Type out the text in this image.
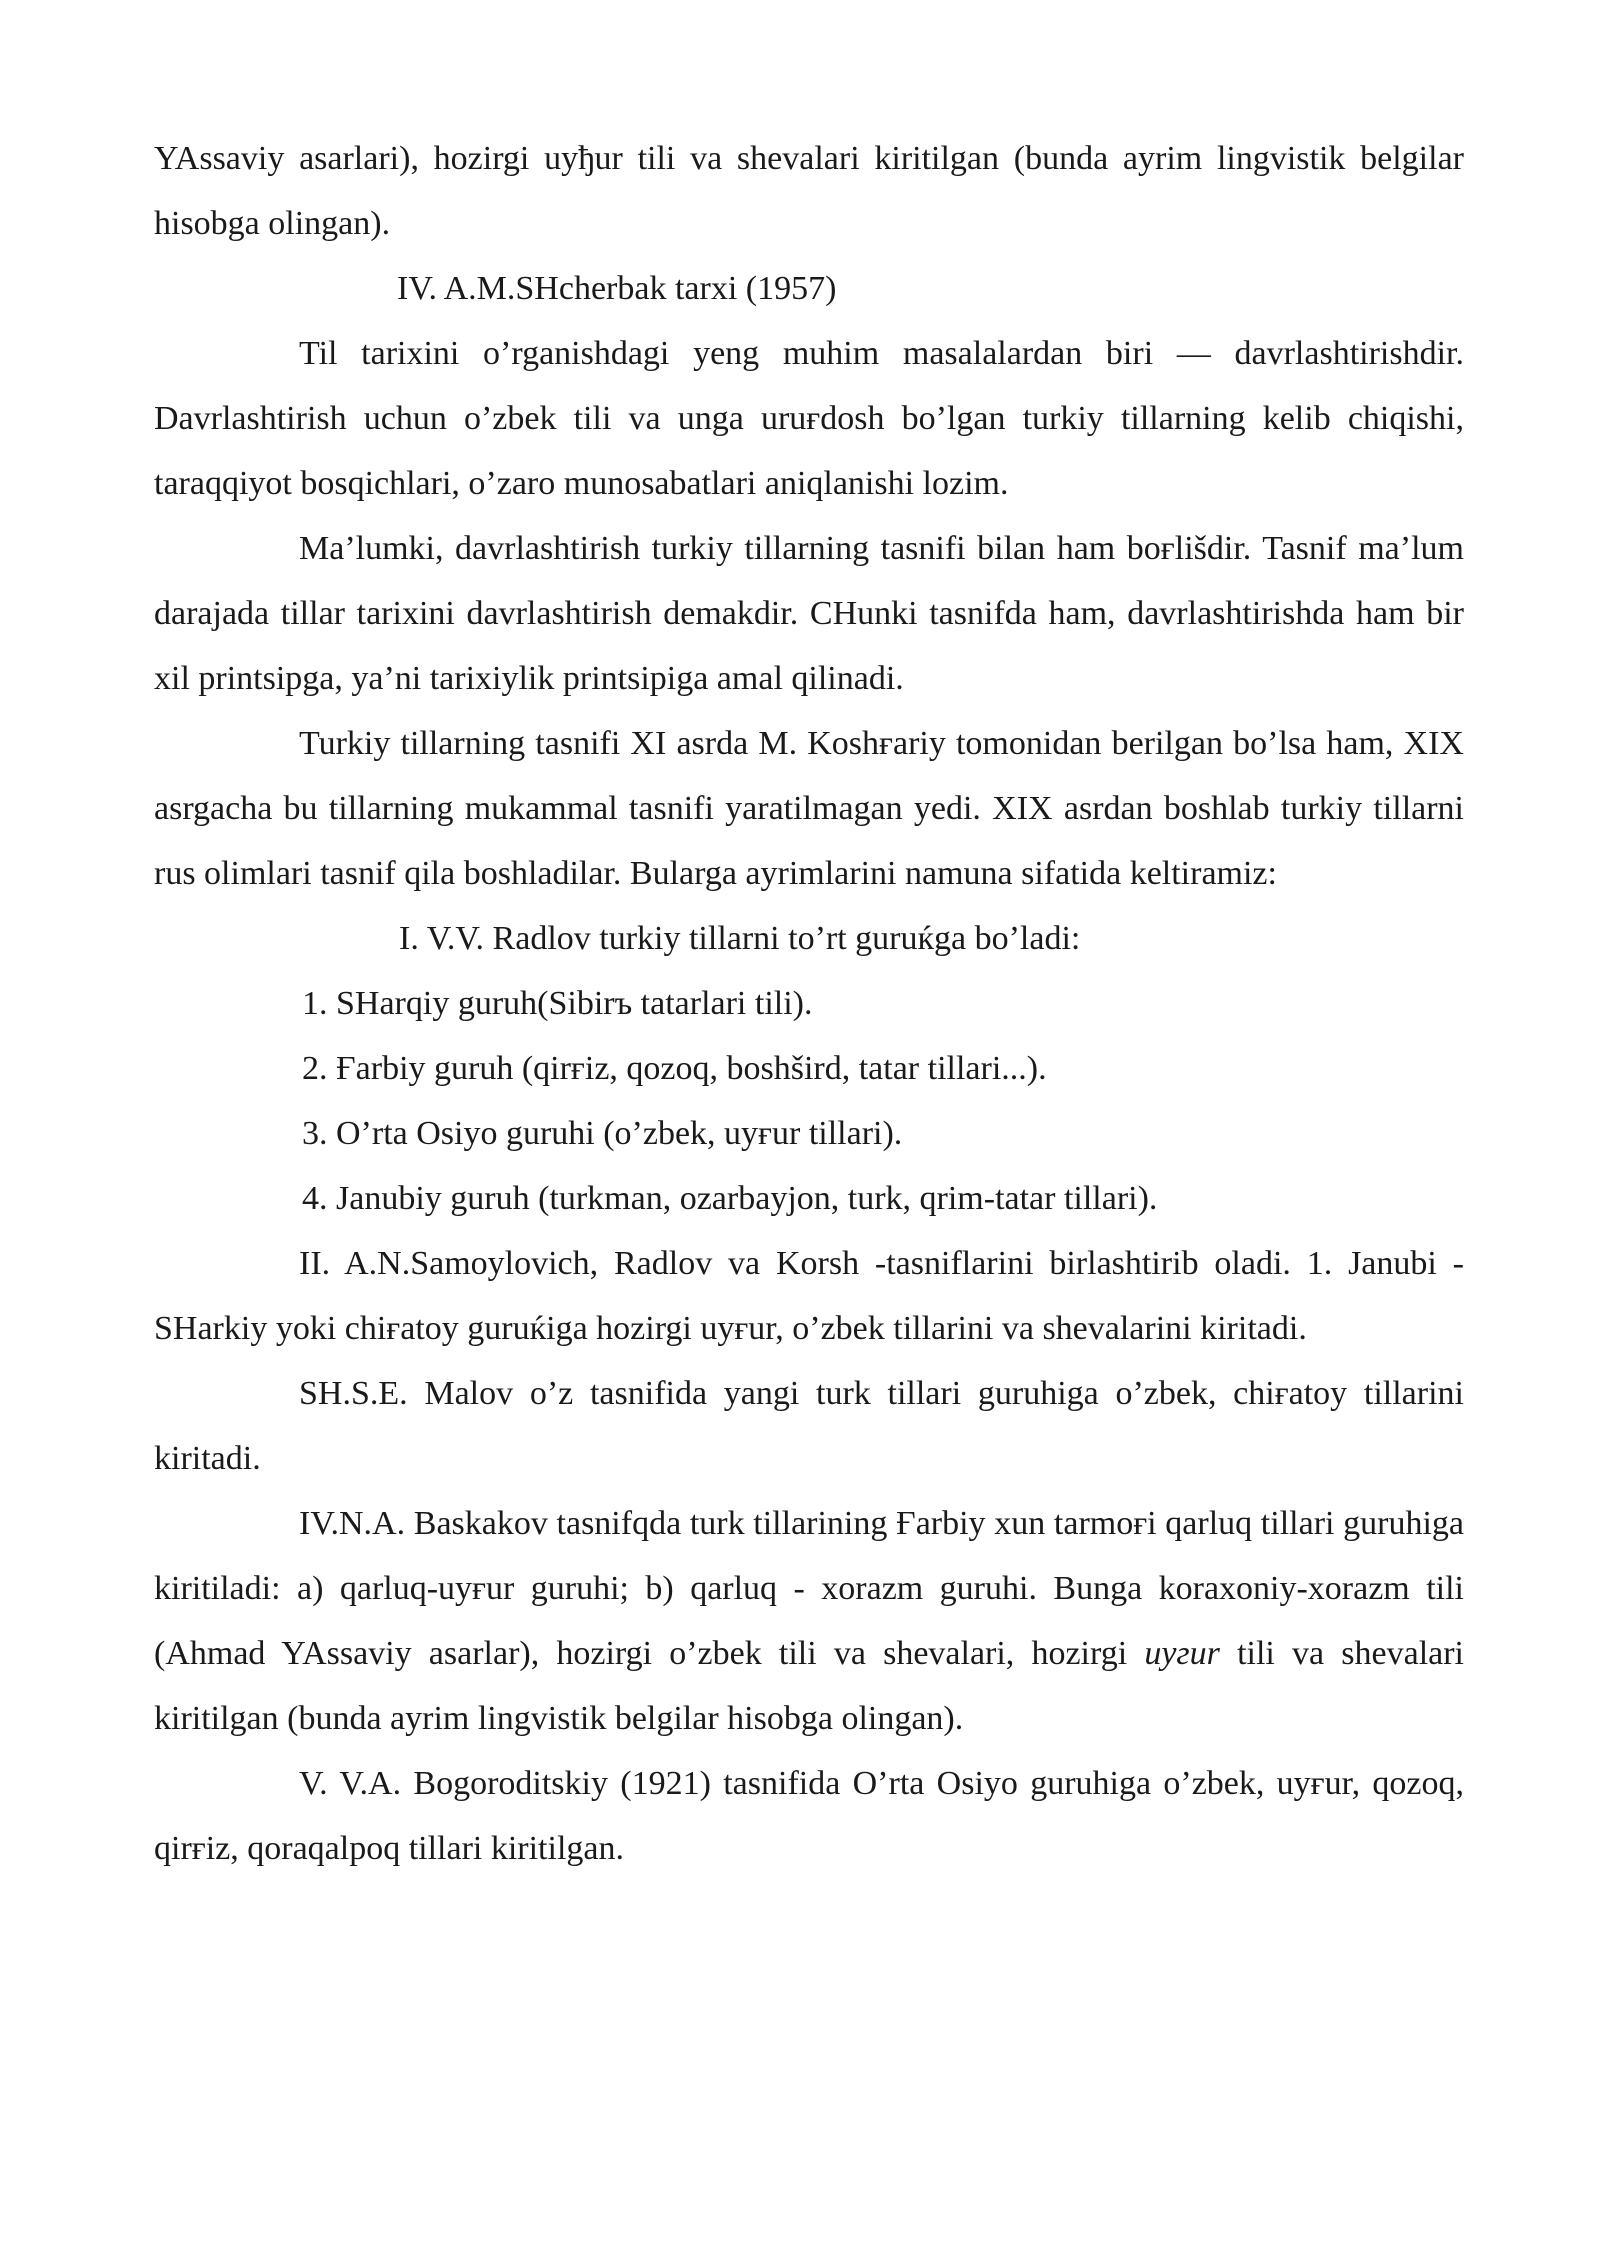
YAssaviy asarlari), hozirgi uyђur tili va shevalari kiritilgan (bunda ayrim lingvistik belgilar hisobga olingan).

IV. A.M.SHcherbak tarxi (1957)

Til tarixini o’rganishdagi yeng muhim masalalardan biri — davrlashtirishdir. Davrlashtirish uchun o’zbek tili va unga uruғdosh bo’lgan turkiy tillarning kelib chiqishi, taraqqiyot bosqichlari, o’zaro munosabatlari aniqlanishi lozim.

Ma’lumki, davrlashtirish turkiy tillarning tasnifi bilan ham boғlišdir. Tasnif ma’lum darajada tillar tarixini davrlashtirish demakdir. CHunki tasnifda ham, davrlashtirishda ham bir xil printsipga, ya’ni tarixiylik printsipiga amal qilinadi.

Turkiy tillarning tasnifi XI asrda M. Koshғariy tomonidan berilgan bo’lsa ham, XIX asrgacha bu tillarning mukammal tasnifi yaratilmagan yedi. XIX asrdan boshlab turkiy tillarni rus olimlari tasnif qila boshladilar. Bularga ayrimlarini namuna sifatida keltiramiz:

I. V.V. Radlov turkiy tillarni to’rt guruќga bo’ladi:

1. SHarqiy guruh(Sibirъ tatarlari tili).

2. Ғarbiy guruh (qirғiz, qozoq, boshšird, tatar tillari...).

3. O’rta Osiyo guruhi (o’zbek, uyғur tillari).

4. Janubiy guruh (turkman, ozarbayjon, turk, qrim-tatar tillari).

II. A.N.Samoylovich, Radlov va Korsh -tasniflarini birlashtirib oladi. 1. Janubi - SHarkiy yoki chiғatoy guruќiga hozirgi uyғur, o’zbek tillarini va shevalarini kiritadi.

SH.S.E. Malov o’z tasnifida yangi turk tillari guruhiga o’zbek, chiғatoy tillarini kiritadi.

IV.N.A. Baskakov tasnifqda turk tillarining Ғarbiy xun tarmoғi qarluq tillari guruhiga kiritiladi: a) qarluq-uyғur guruhi; b) qarluq - xorazm guruhi. Bunga koraxoniy-xorazm tili (Ahmad YAssaviy asarlar), hozirgi o’zbek tili va shevalari, hozirgi uyгur tili va shevalari kiritilgan (bunda ayrim lingvistik belgilar hisobga olingan).

V. V.A. Bogoroditskiy (1921) tasnifida O’rta Osiyo guruhiga o’zbek, uyғur, qozoq, qirғiz, qoraqalpoq tillari kiritilgan.
